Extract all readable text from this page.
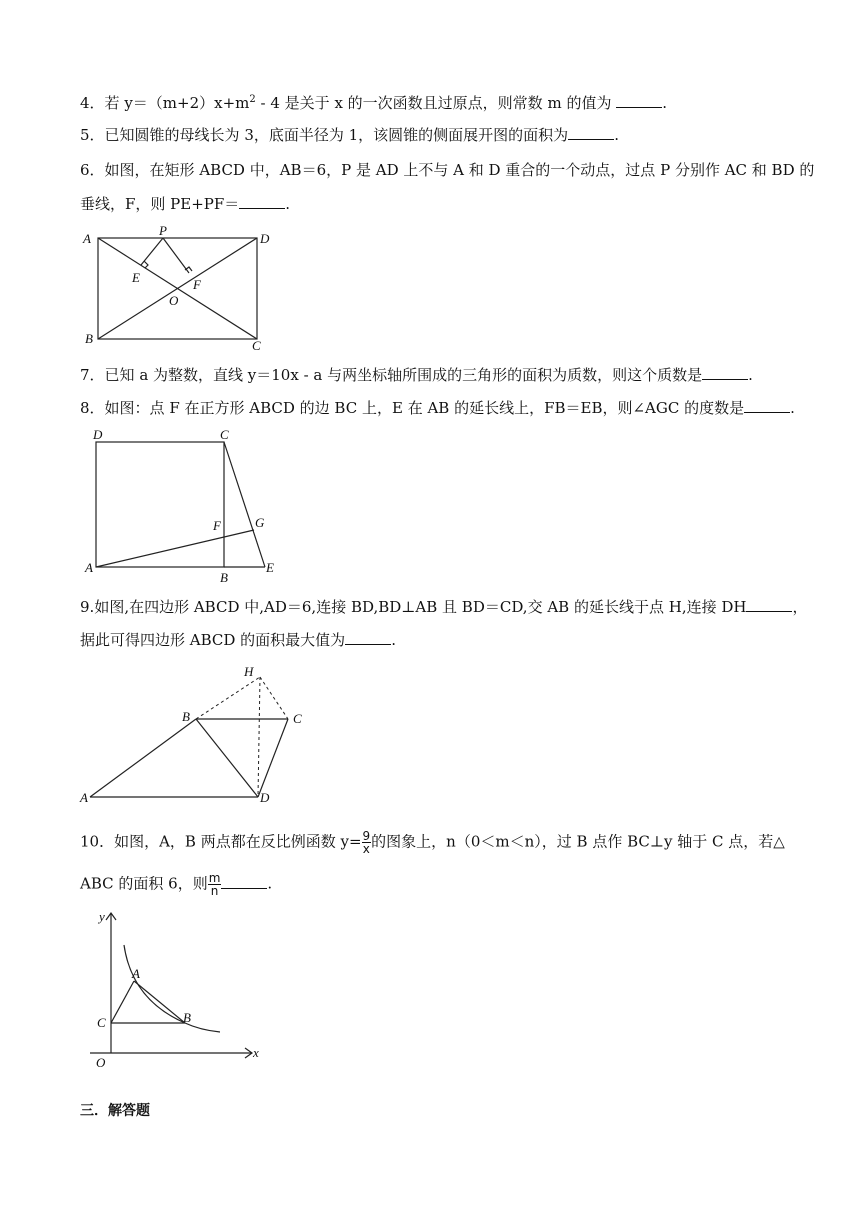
4．若 $y=(m+2)x+m^2 - 4$ 是关于 x 的一次函数且过原点，则常数 m 的值为	.
5．已知圆锥的母线长为 3，底面半径为 1，该圆锥的侧面展开图的面积为	.
6．如图，在矩形 ABCD 中，AB＝6，P 是 AD 上不与 A 和 D 重合的一个动点，过点 P 分别作 AC 和 BD 的
垂线，F，则 PE+PF＝	.
A	D
B	C
P
E	F
O
7．已知 a 为整数，直线 y＝10x - a 与两坐标轴所围成的三角形的面积为质数，则这个质数是	.
8．如图：点 F 在正方形 ABCD 的边 BC 上，E 在 AB 的延长线上，FB＝EB，则∠AGC 的度数是	.
D	C
A
B
E
F	G
9.如图,在四边形 ABCD 中,AD＝6,连接 BD,BD⊥AB 且 BD＝CD,交 AB 的延长线于点 H,连接 DH	，
据此可得四边形 ABCD 的面积最大值为	.
A
B	C
D
H
10．如图，A，B 两点都在反比例函数 $y= \frac{9}{x}$ 的图象上，n（0＜m＜n），过 B 点作 BC⊥y 轴于 C 点，若△
ABC 的面积 6，则 $\frac{m}{n}$	.
y
x
O
C
A
B
三．解答题
